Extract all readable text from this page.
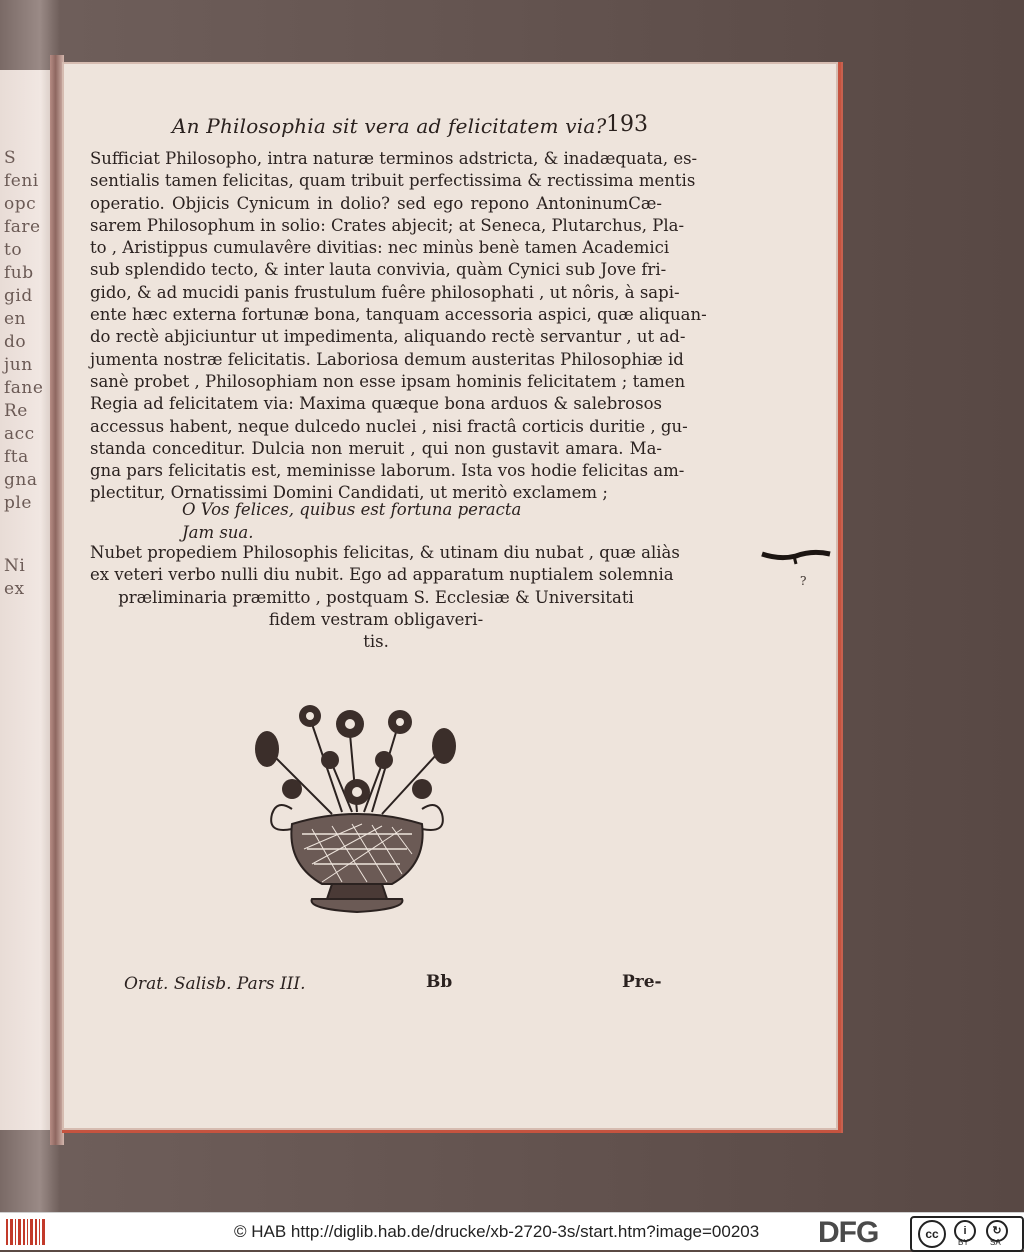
S
feni
opc
fare
to
fub
gid
en
do
jun
fane
Re
acc
fta
gna
ple
Ni
ex
An Philosophia sit vera ad felicitatem via? 193
Sufficiat Philosopho, intra naturæ terminos adstricta, & inadæquata, es-
sentialis tamen felicitas, quam tribuit perfectissima & rectissima mentis
operatio. Objicis Cynicum in dolio? sed ego repono AntoninumCæ-
sarem Philosophum in solio: Crates abjecit; at Seneca, Plutarchus, Pla-
to , Aristippus cumulavêre divitias: nec minùs benè tamen Academici
sub splendido tecto, & inter lauta convivia, quàm Cynici sub Jove fri-
gido, & ad mucidi panis frustulum fuêre philosophati , ut nôris, à sapi-
ente hæc externa fortunæ bona, tanquam accessoria aspici, quæ aliquan-
do rectè abjiciuntur ut impedimenta, aliquando rectè servantur , ut ad-
jumenta nostræ felicitatis. Laboriosa demum austeritas Philosophiæ id
sanè probet , Philosophiam non esse ipsam hominis felicitatem ; tamen
Regia ad felicitatem via: Maxima quæque bona arduos & salebrosos
accessus habent, neque dulcedo nuclei , nisi fractâ corticis duritie , gu-
standa conceditur. Dulcia non meruit , qui non gustavit amara. Ma-
gna pars felicitatis est, meminisse laborum. Ista vos hodie felicitas am-
plectitur, Ornatissimi Domini Candidati, ut meritò exclamem ;
O Vos felices, quibus est fortuna peracta
Jam sua.
Nubet propediem Philosophis felicitas, & utinam diu nubat , quæ aliàs
ex veteri verbo nulli diu nubit. Ego ad apparatum nuptialem solemnia
præliminaria præmitto , postquam S. Ecclesiæ & Universitati
fidem vestram obligaveri-
tis.
Orat. Salisb. Pars III.	Bb	Pre-
?
© HAB http://diglib.hab.de/drucke/xb-2720-3s/start.htm?image=00203 DFG	cc	i	↻
BY	SA
